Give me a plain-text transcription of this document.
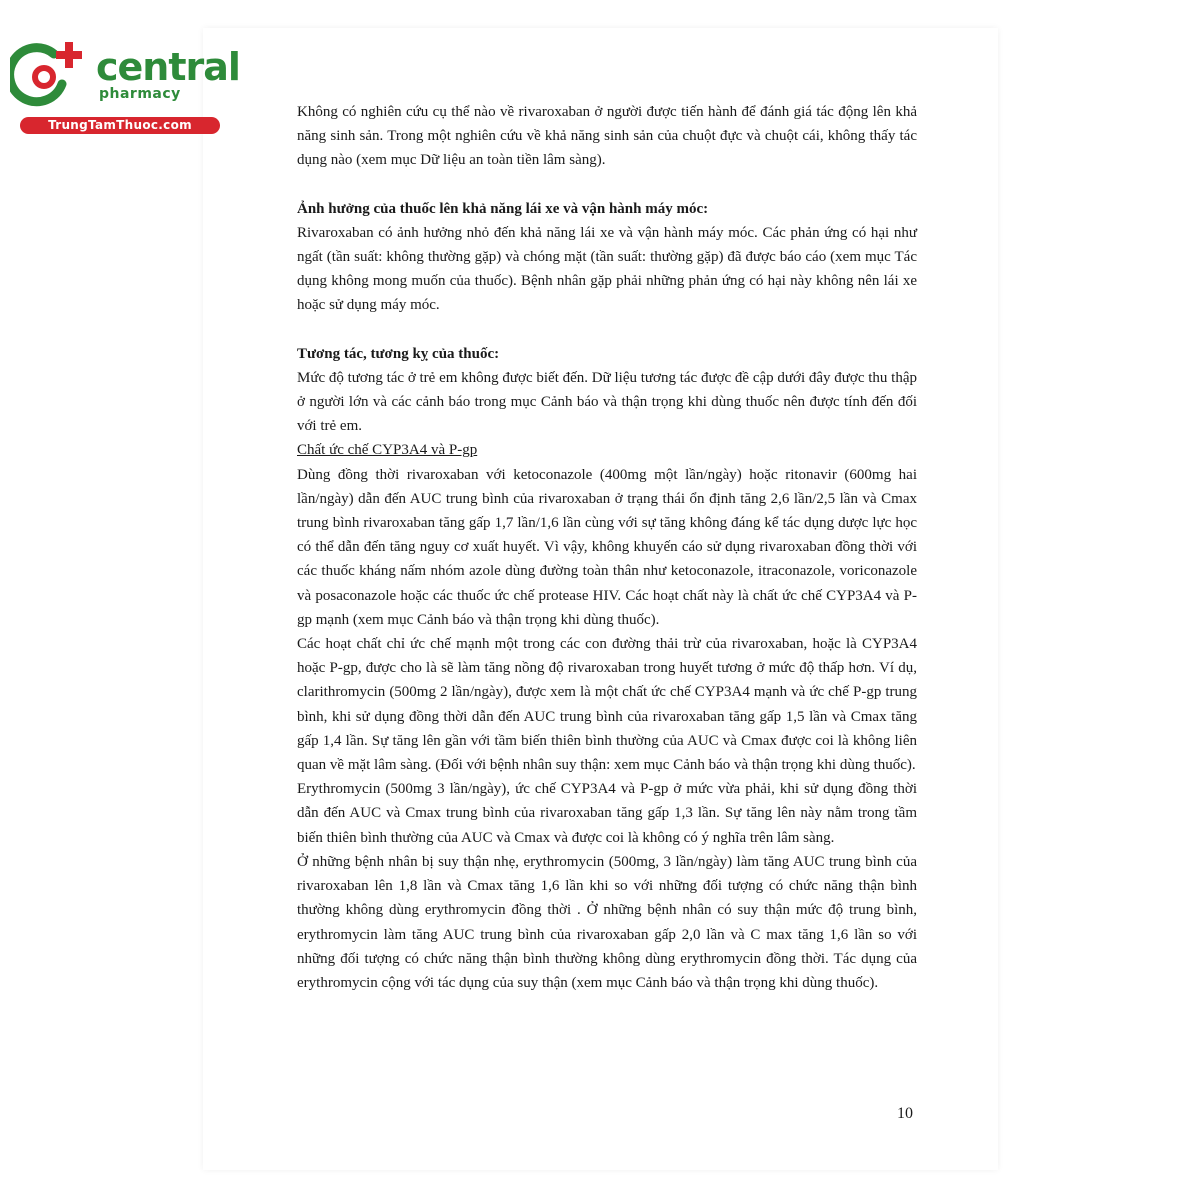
central
pharmacy
TrungTamThuoc.com

Không có nghiên cứu cụ thể nào về rivaroxaban ở người được tiến hành để đánh giá tác động lên khả năng sinh sản. Trong một nghiên cứu về khả năng sinh sản của chuột đực và chuột cái, không thấy tác dụng nào (xem mục Dữ liệu an toàn tiền lâm sàng).

Ảnh hưởng của thuốc lên khả năng lái xe và vận hành máy móc:

Rivaroxaban có ảnh hưởng nhỏ đến khả năng lái xe và vận hành máy móc. Các phản ứng có hại như ngất (tần suất: không thường gặp) và chóng mặt (tần suất: thường gặp) đã được báo cáo (xem mục Tác dụng không mong muốn của thuốc). Bệnh nhân gặp phải những phản ứng có hại này không nên lái xe hoặc sử dụng máy móc.

Tương tác, tương kỵ của thuốc:

Mức độ tương tác ở trẻ em không được biết đến. Dữ liệu tương tác được đề cập dưới đây được thu thập ở người lớn và các cảnh báo trong mục Cảnh báo và thận trọng khi dùng thuốc nên được tính đến đối với trẻ em.

Chất ức chế CYP3A4 và P-gp

Dùng đồng thời rivaroxaban với ketoconazole (400mg một lần/ngày) hoặc ritonavir (600mg hai lần/ngày) dẫn đến AUC trung bình của rivaroxaban ở trạng thái ổn định tăng 2,6 lần/2,5 lần và Cmax trung bình rivaroxaban tăng gấp 1,7 lần/1,6 lần cùng với sự tăng không đáng kể tác dụng dược lực học có thể dẫn đến tăng nguy cơ xuất huyết. Vì vậy, không khuyến cáo sử dụng rivaroxaban đồng thời với các thuốc kháng nấm nhóm azole dùng đường toàn thân như ketoconazole, itraconazole, voriconazole và posaconazole hoặc các thuốc ức chế protease HIV. Các hoạt chất này là chất ức chế CYP3A4 và P-gp mạnh (xem mục Cảnh báo và thận trọng khi dùng thuốc).

Các hoạt chất chỉ ức chế mạnh một trong các con đường thải trừ của rivaroxaban, hoặc là CYP3A4 hoặc P-gp, được cho là sẽ làm tăng nồng độ rivaroxaban trong huyết tương ở mức độ thấp hơn. Ví dụ, clarithromycin (500mg 2 lần/ngày), được xem là một chất ức chế CYP3A4 mạnh và ức chế P-gp trung bình, khi sử dụng đồng thời dẫn đến AUC trung bình của rivaroxaban tăng gấp 1,5 lần và Cmax tăng gấp 1,4 lần. Sự tăng lên gần với tầm biến thiên bình thường của AUC và Cmax được coi là không liên quan về mặt lâm sàng. (Đối với bệnh nhân suy thận: xem mục Cảnh báo và thận trọng khi dùng thuốc).

Erythromycin (500mg 3 lần/ngày), ức chế CYP3A4 và P-gp ở mức vừa phải, khi sử dụng đồng thời dẫn đến AUC và Cmax trung bình của rivaroxaban tăng gấp 1,3 lần. Sự tăng lên này nằm trong tầm biến thiên bình thường của AUC và Cmax và được coi là không có ý nghĩa trên lâm sàng.

Ở những bệnh nhân bị suy thận nhẹ, erythromycin (500mg, 3 lần/ngày) làm tăng AUC trung bình của rivaroxaban lên 1,8 lần và Cmax tăng 1,6 lần khi so với những đối tượng có chức năng thận bình thường không dùng erythromycin đồng thời . Ở những bệnh nhân có suy thận mức độ trung bình, erythromycin làm tăng AUC trung bình của rivaroxaban gấp 2,0 lần và C max tăng 1,6 lần so với những đối tượng có chức năng thận bình thường không dùng erythromycin đồng thời. Tác dụng của erythromycin cộng với tác dụng của suy thận (xem mục Cảnh báo và thận trọng khi dùng thuốc).

10
